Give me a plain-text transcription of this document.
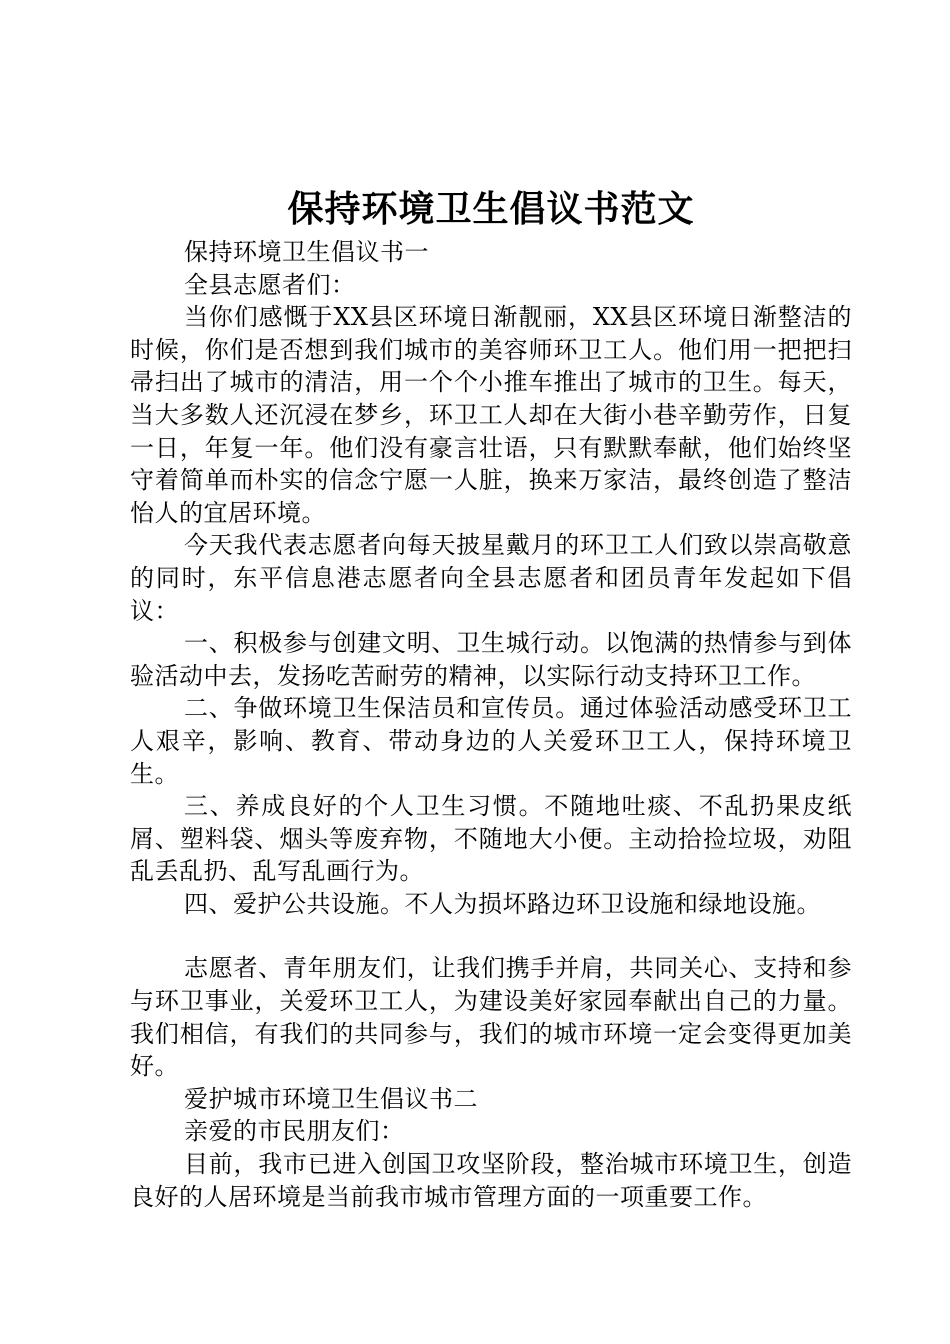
保持环境卫生倡议书范文

保持环境卫生倡议书一

全县志愿者们：

当你们感慨于XX县区环境日渐靓丽，XX县区环境日渐整洁的时候，你们是否想到我们城市的美容师环卫工人。他们用一把把扫帚扫出了城市的清洁，用一个个小推车推出了城市的卫生。每天，当大多数人还沉浸在梦乡，环卫工人却在大街小巷辛勤劳作，日复一日，年复一年。他们没有豪言壮语，只有默默奉献，他们始终坚守着简单而朴实的信念宁愿一人脏，换来万家洁，最终创造了整洁怡人的宜居环境。

今天我代表志愿者向每天披星戴月的环卫工人们致以崇高敬意的同时，东平信息港志愿者向全县志愿者和团员青年发起如下倡议：

一、积极参与创建文明、卫生城行动。以饱满的热情参与到体验活动中去，发扬吃苦耐劳的精神，以实际行动支持环卫工作。

二、争做环境卫生保洁员和宣传员。通过体验活动感受环卫工人艰辛，影响、教育、带动身边的人关爱环卫工人，保持环境卫生。

三、养成良好的个人卫生习惯。不随地吐痰、不乱扔果皮纸屑、塑料袋、烟头等废弃物，不随地大小便。主动拾捡垃圾，劝阻乱丢乱扔、乱写乱画行为。

四、爱护公共设施。不人为损坏路边环卫设施和绿地设施。

志愿者、青年朋友们，让我们携手并肩，共同关心、支持和参与环卫事业，关爱环卫工人，为建设美好家园奉献出自己的力量。我们相信，有我们的共同参与，我们的城市环境一定会变得更加美好。

爱护城市环境卫生倡议书二

亲爱的市民朋友们：

目前，我市已进入创国卫攻坚阶段，整治城市环境卫生，创造良好的人居环境是当前我市城市管理方面的一项重要工作。
